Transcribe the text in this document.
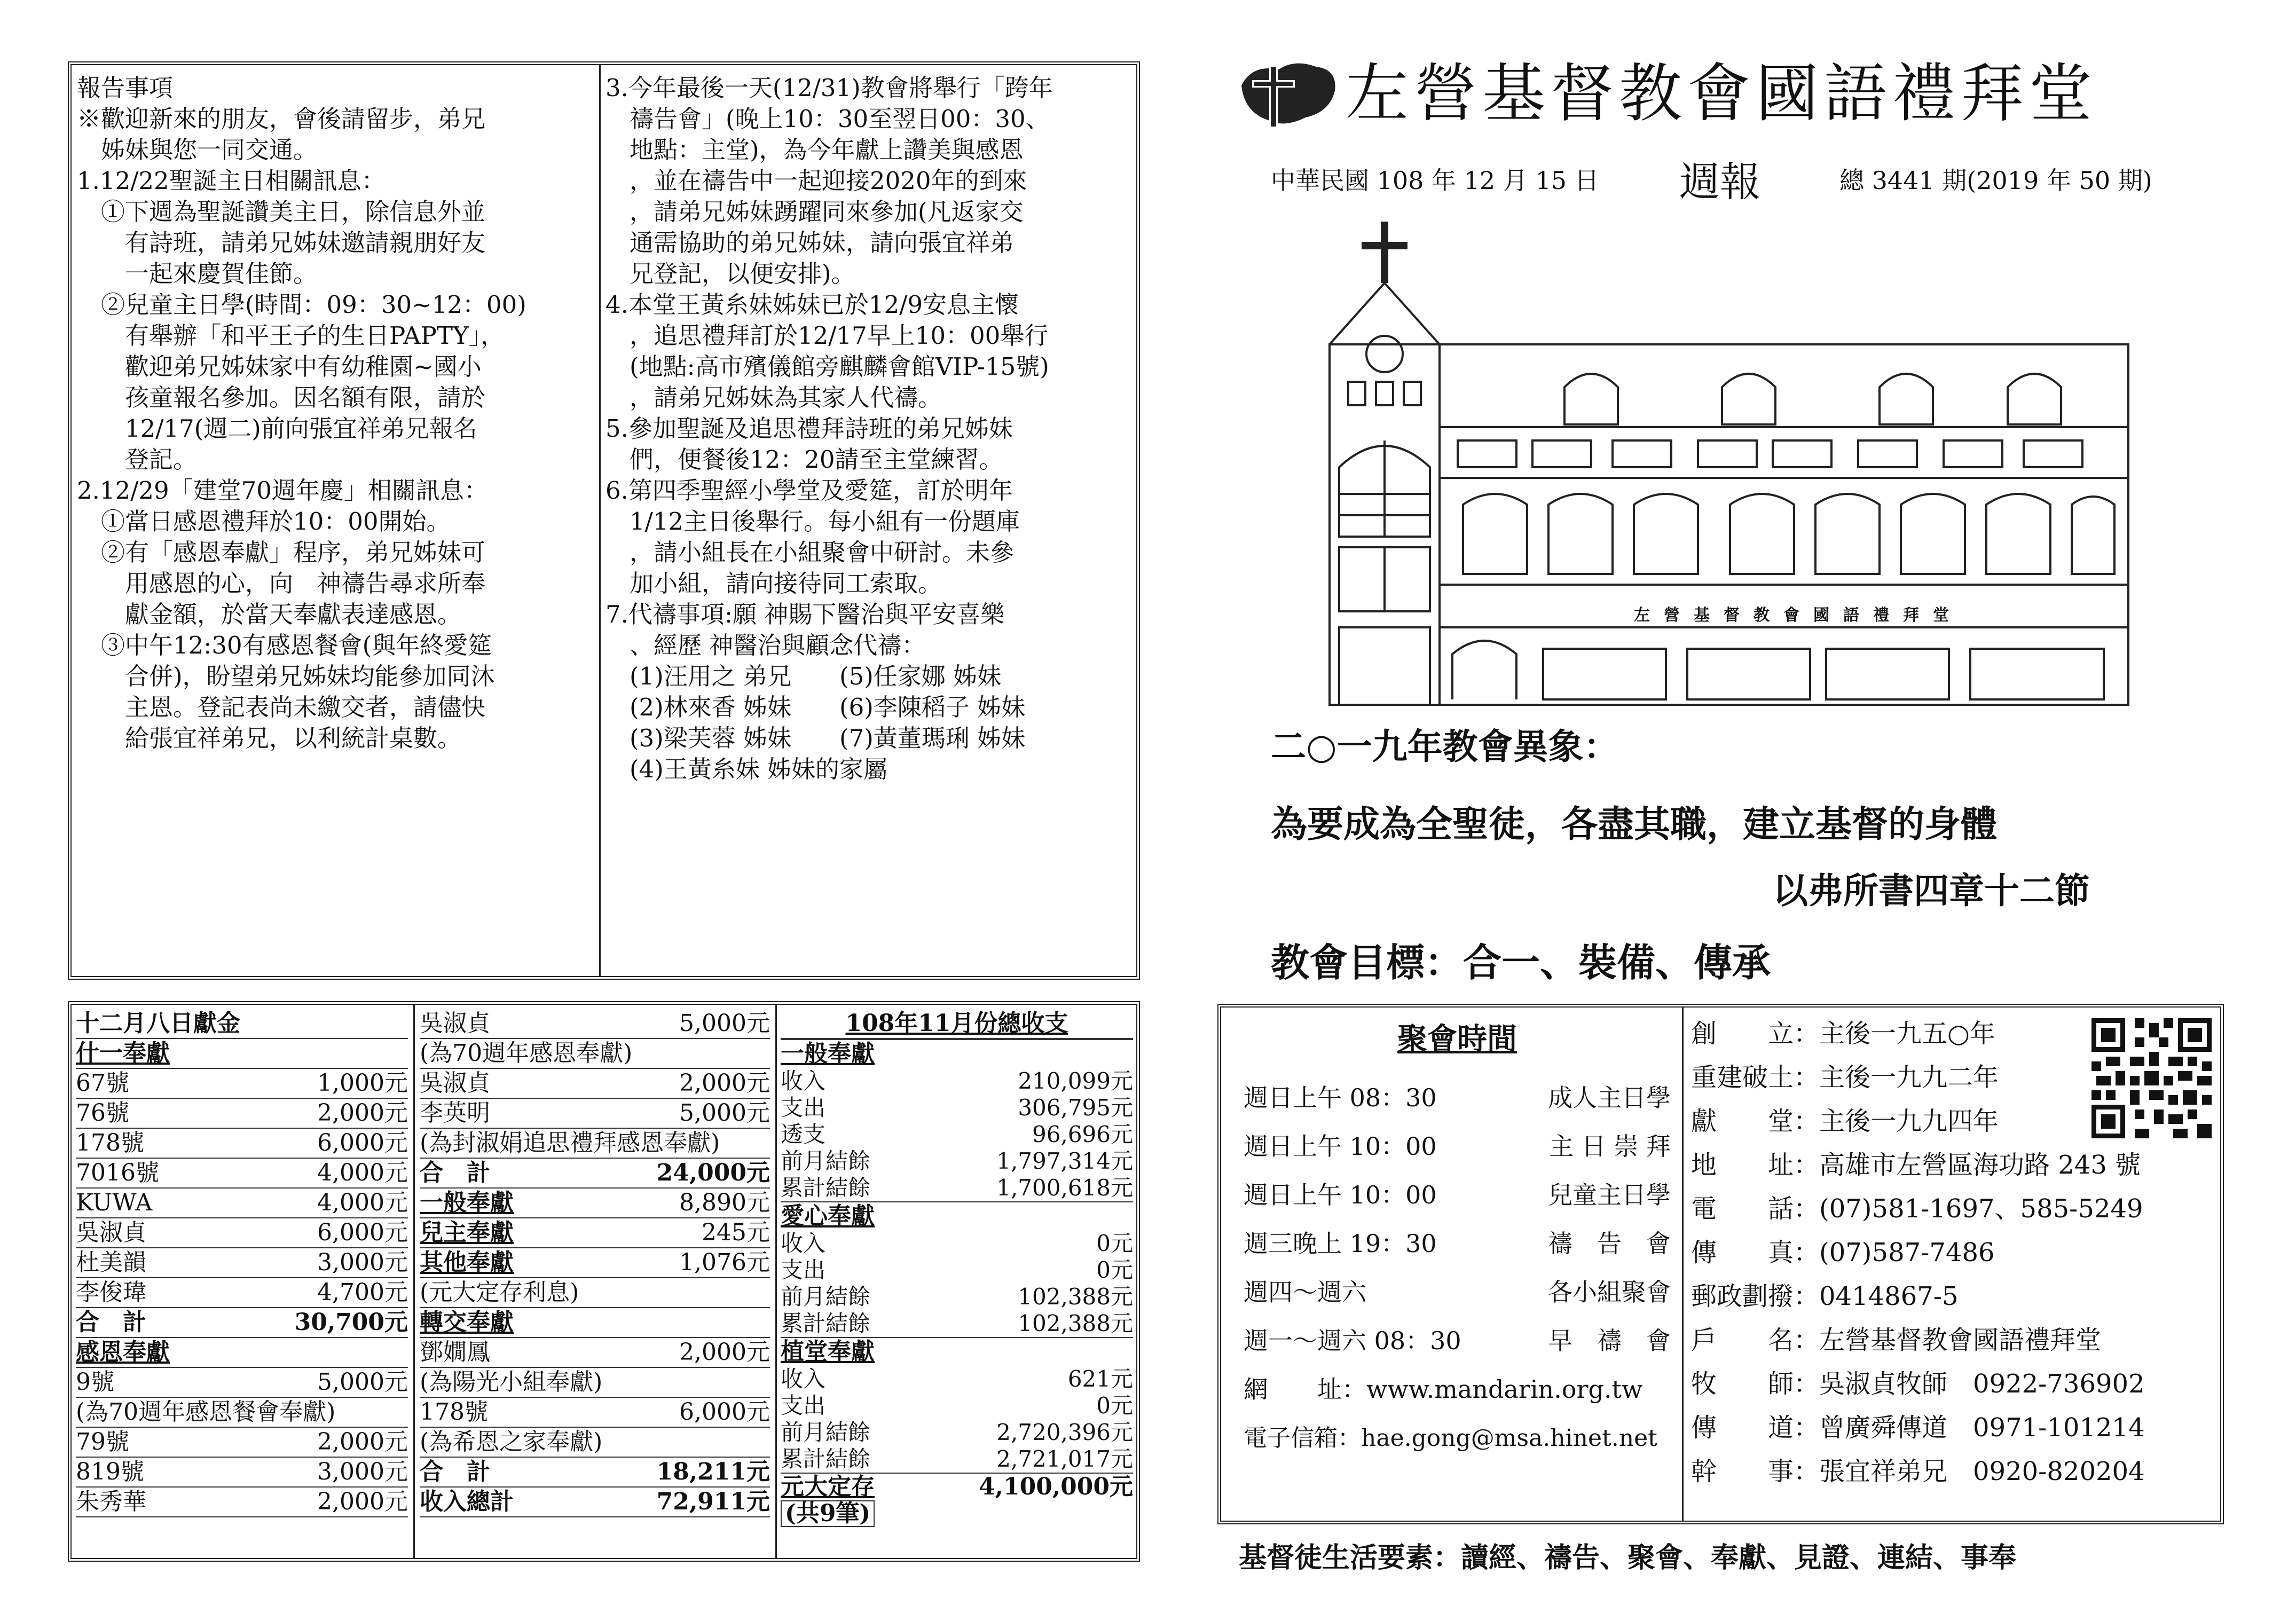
報告事項
※歡迎新來的朋友，會後請留步，弟兄
　姊妹與您一同交通。
1.12/22聖誕主日相關訊息：
　①下週為聖誕讚美主日，除信息外並
　　有詩班，請弟兄姊妹邀請親朋好友
　　一起來慶賀佳節。
　②兒童主日學(時間：09：30~12：00)
　　有舉辦「和平王子的生日PAPTY」，
　　歡迎弟兄姊妹家中有幼稚園~國小
　　孩童報名參加。因名額有限，請於
　　12/17(週二)前向張宜祥弟兄報名
　　登記。
2.12/29「建堂70週年慶」相關訊息：
　①當日感恩禮拜於10：00開始。
　②有「感恩奉獻」程序，弟兄姊妹可
　　用感恩的心，向　神禱告尋求所奉
　　獻金額，於當天奉獻表達感恩。
　③中午12:30有感恩餐會(與年終愛筵
　　合併)，盼望弟兄姊妹均能參加同沐
　　主恩。登記表尚未繳交者，請儘快
　　給張宜祥弟兄，以利統計桌數。
3.今年最後一天(12/31)教會將舉行「跨年
　禱告會」(晚上10：30至翌日00：30、
　地點：主堂)，為今年獻上讚美與感恩
　，並在禱告中一起迎接2020年的到來
　，請弟兄姊妹踴躍同來參加(凡返家交
　通需協助的弟兄姊妹，請向張宜祥弟
　兄登記，以便安排)。
4.本堂王黃糸妹姊妹已於12/9安息主懷
　，追思禮拜訂於12/17早上10：00舉行
　(地點:高市殯儀館旁麒麟會館VIP-15號)
　，請弟兄姊妹為其家人代禱。
5.參加聖誕及追思禮拜詩班的弟兄姊妹
　們，便餐後12：20請至主堂練習。
6.第四季聖經小學堂及愛筵，訂於明年
　1/12主日後舉行。每小組有一份題庫
　，請小組長在小組聚會中研討。未參
　加小組，請向接待同工索取。
7.代禱事項:願 神賜下醫治與平安喜樂
　、經歷 神醫治與顧念代禱：
　(1)汪用之 弟兄　　(5)任家娜 姊妹
　(2)林來香 姊妹　　(6)李陳稻子 姊妹
　(3)梁芙蓉 姊妹　　(7)黃董瑪琍 姊妹
　(4)王黃糸妹 姊妹的家屬
十二月八日獻金
什一奉獻
67號	1,000元
76號	2,000元
178號	6,000元
7016號	4,000元
KUWA	4,000元
吳淑貞	6,000元
杜美韻	3,000元
李俊瑋	4,700元
合　計	30,700元
感恩奉獻
9號	5,000元
(為70週年感恩餐會奉獻)
79號	2,000元
819號	3,000元
朱秀華	2,000元
吳淑貞	5,000元
(為70週年感恩奉獻)
吳淑貞	2,000元
李英明	5,000元
(為封淑娟追思禮拜感恩奉獻)
合　計	24,000元
一般奉獻	8,890元
兒主奉獻	245元
其他奉獻	1,076元
(元大定存利息)
轉交奉獻
鄧嫺鳳	2,000元
(為陽光小組奉獻)
178號	6,000元
(為希恩之家奉獻)
合　計	18,211元
收入總計	72,911元
108年11月份總收支
一般奉獻
收入	210,099元
支出	306,795元
透支	96,696元
前月結餘	1,797,314元
累計結餘	1,700,618元
愛心奉獻
收入	0元
支出	0元
前月結餘	102,388元
累計結餘	102,388元
植堂奉獻
收入	621元
支出	0元
前月結餘	2,720,396元
累計結餘	2,721,017元
元大定存	4,100,000元
(共9筆)
左營基督教會國語禮拜堂
中華民國 108 年 12 月 15 日 週報	總 3441 期(2019 年 50 期)
左營基督教會國語禮拜堂
二○一九年教會異象：
為要成為全聖徒，各盡其職，建立基督的身體
以弗所書四章十二節
教會目標：合一、裝備、傳承
聚會時間
週日上午 08：30	成人主日學
週日上午 10：00	主 日 崇 拜
週日上午 10：00	兒童主日學
週三晚上 19：30	禱　告　會
週四～週六	各小組聚會
週一～週六 08：30	早　禱　會
網　　址：www.mandarin.org.tw
電子信箱：hae.gong@msa.hinet.net
創　　立：主後一九五○年
重建破土：主後一九九二年
獻　　堂：主後一九九四年
地　　址：高雄市左營區海功路 243 號
電　　話：(07)581-1697、585-5249
傳　　真：(07)587-7486
郵政劃撥：0414867-5
戶　　名：左營基督教會國語禮拜堂
牧　　師：吳淑貞牧師　0922-736902
傳　　道：曾廣舜傳道　0971-101214
幹　　事：張宜祥弟兄　0920-820204
基督徒生活要素：讀經、禱告、聚會、奉獻、見證、連結、事奉
